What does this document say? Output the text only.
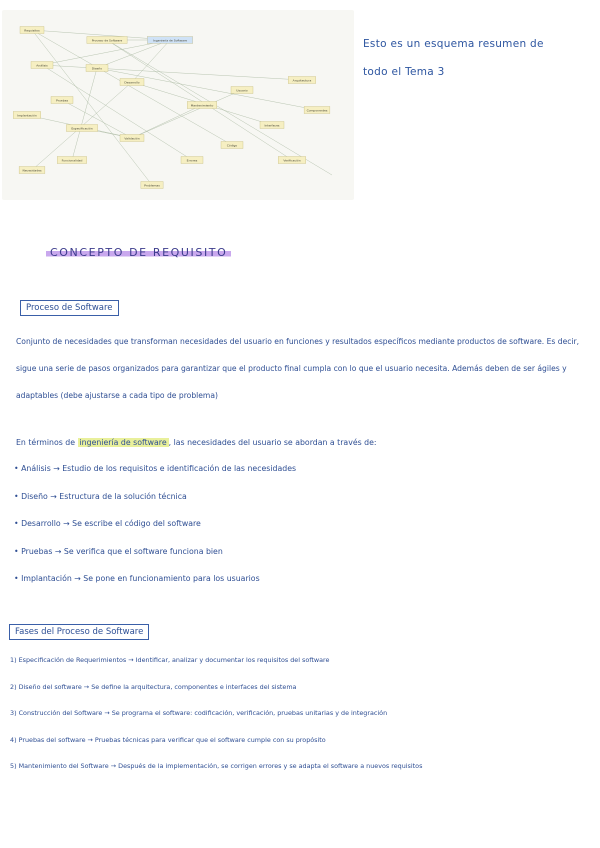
Ingeniería de Software
Requisitos
Proceso de Software
Análisis
Diseño
Desarrollo
Pruebas
Implantación
Especificación
Validación
Mantenimiento
Usuario
Arquitectura
Componentes
Interfaces
Código
Verificación
Errores
Funcionalidad
Necesidades
Problemas
Esto es un esquema resumen de
todo el Tema 3
CONCEPTO DE REQUISITO
Proceso de Software

Conjunto de necesidades que transforman necesidades del usuario en funciones y resultados específicos mediante productos de software. Es decir, sigue una serie de pasos organizados para garantizar que el producto final cumpla con lo que el usuario necesita. Además deben de ser ágiles y adaptables (debe ajustarse a cada tipo de problema)

En términos de ingeniería de software , las necesidades del usuario se abordan a través de:

• Análisis → Estudio de los requisitos e identificación de las necesidades
• Diseño → Estructura de la solución técnica
• Desarrollo → Se escribe el código del software
• Pruebas → Se verifica que el software funciona bien
• Implantación → Se pone en funcionamiento para los usuarios
Fases del Proceso de Software
1) Especificación de Requerimientos → Identificar, analizar y documentar los requisitos del software
2) Diseño del software → Se define la arquitectura, componentes e interfaces del sistema
3) Construcción del Software → Se programa el software: codificación, verificación, pruebas unitarias y de integración
4) Pruebas del software → Pruebas técnicas para verificar que el software cumple con su propósito
5) Mantenimiento del Software → Después de la implementación, se corrigen errores y se adapta el software a nuevos requisitos
